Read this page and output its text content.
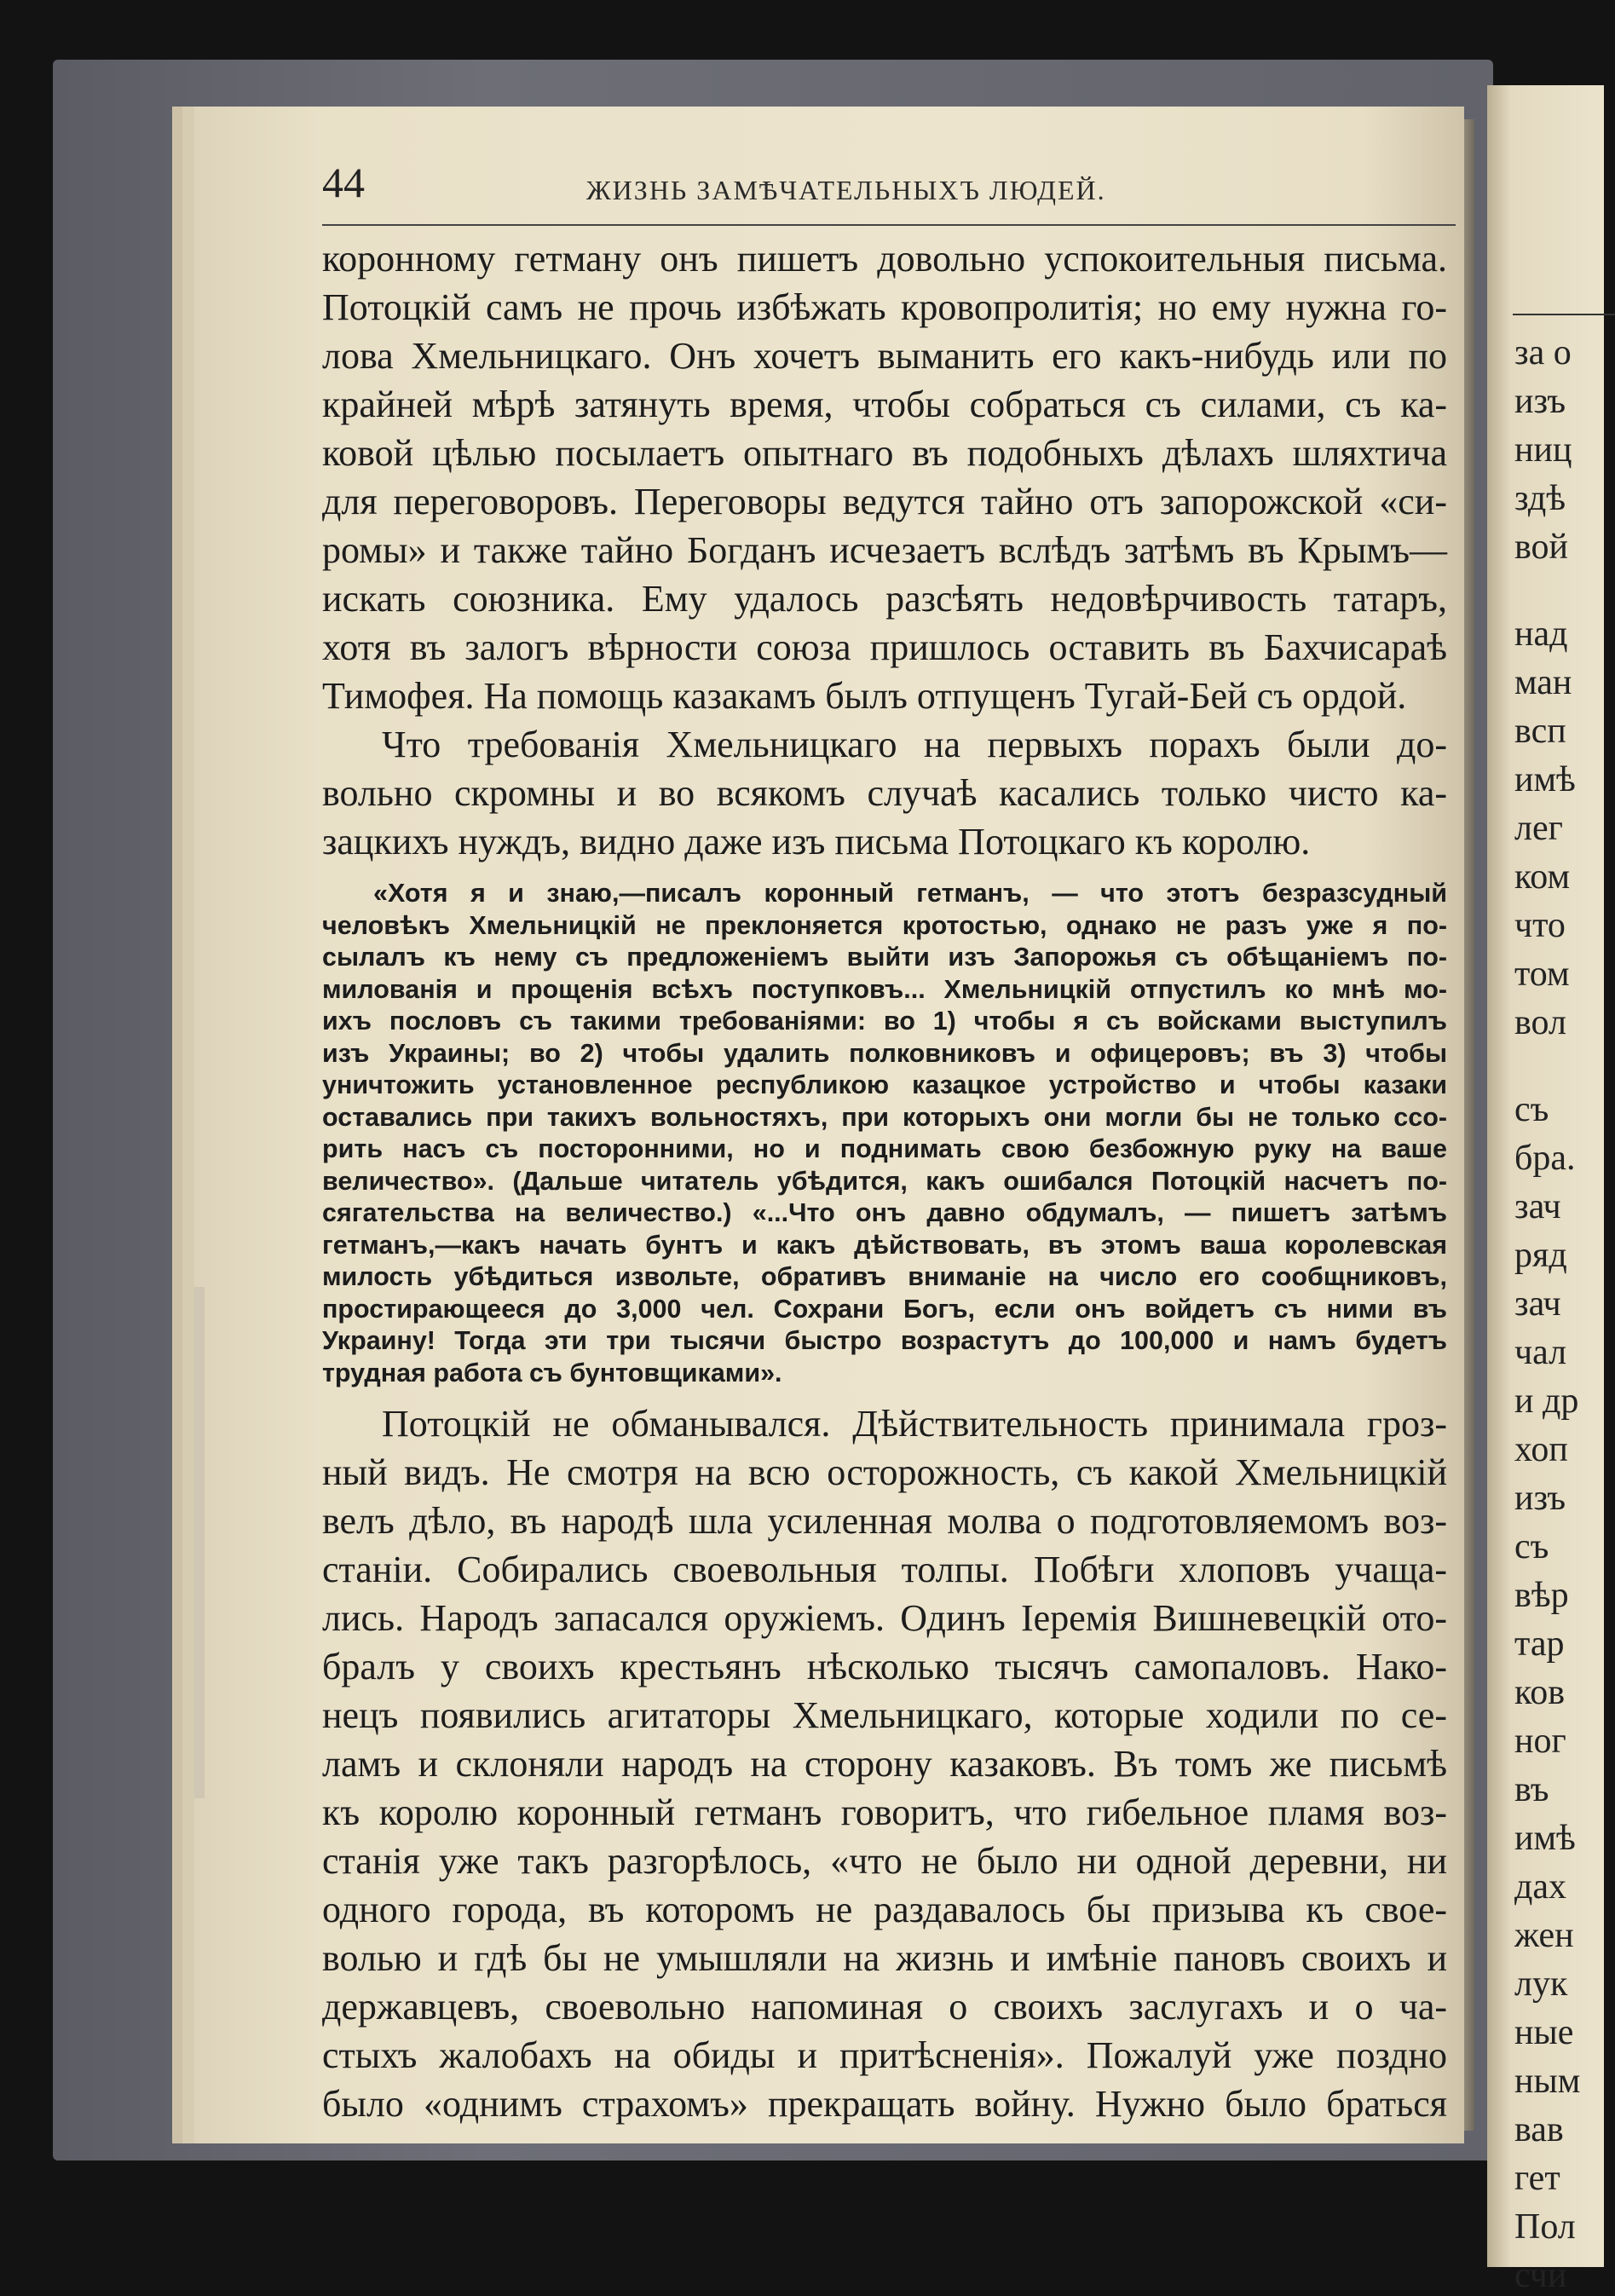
за о
изъ
ниц
здѣ
вой
над
ман
всп
имѣ
лег
ком
что
том
вол
съ
бра.
зач
ряд
зач
чал
и др
хоп
изъ
съ
вѣр
тар
ков
ног
въ
имѣ
дах
жен
лук
ные
ным
вав
гет
Пол
счи
44	ЖИЗНЬ ЗАМѢЧАТЕЛЬНЫХЪ ЛЮДЕЙ.
коронному гетману онъ пишетъ довольно успокоительныя письма.
Потоцкій самъ не прочь избѣжать кровопролитія; но ему нужна го-
лова Хмельницкаго. Онъ хочетъ выманить его какъ-нибудь или по
крайней мѣрѣ затянуть время, чтобы собраться съ силами, съ ка-
ковой цѣлью посылаетъ опытнаго въ подобныхъ дѣлахъ шляхтича
для переговоровъ. Переговоры ведутся тайно отъ запорожской «си-
ромы» и также тайно Богданъ исчезаетъ вслѣдъ затѣмъ въ Крымъ—
искать союзника. Ему удалось разсѣять недовѣрчивость татаръ,
хотя въ залогъ вѣрности союза пришлось оставить въ Бахчисараѣ
Тимофея. На помощь казакамъ былъ отпущенъ Тугай-Бей съ ордой.
Что требованія Хмельницкаго на первыхъ порахъ были до-
вольно скромны и во всякомъ случаѣ касались только чисто ка-
зацкихъ нуждъ, видно даже изъ письма Потоцкаго къ королю.
«Хотя я и знаю,—писалъ коронный гетманъ, — что этотъ безразсудный
человѣкъ Хмельницкій не преклоняется кротостью, однако не разъ уже я по-
сылалъ къ нему съ предложеніемъ выйти изъ Запорожья съ обѣщаніемъ по-
милованія и прощенія всѣхъ поступковъ... Хмельницкій отпустилъ ко мнѣ мо-
ихъ пословъ съ такими требованіями: во 1) чтобы я съ войсками выступилъ
изъ Украины; во 2) чтобы удалить полковниковъ и офицеровъ; въ 3) чтобы
уничтожить установленное республикою казацкое устройство и чтобы казаки
оставались при такихъ вольностяхъ, при которыхъ они могли бы не только ссо-
рить насъ съ посторонними, но и поднимать свою безбожную руку на ваше
величество». (Дальше читатель убѣдится, какъ ошибался Потоцкій насчетъ по-
сягательства на величество.) «...Что онъ давно обдумалъ, — пишетъ затѣмъ
гетманъ,—какъ начать бунтъ и какъ дѣйствовать, въ этомъ ваша королевская
милость убѣдиться извольте, обративъ вниманіе на число его сообщниковъ,
простирающееся до 3,000 чел. Сохрани Богъ, если онъ войдетъ съ ними въ
Украину! Тогда эти три тысячи быстро возрастутъ до 100,000 и намъ будетъ
трудная работа съ бунтовщиками».
Потоцкій не обманывался. Дѣйствительность принимала гроз-
ный видъ. Не смотря на всю осторожность, съ какой Хмельницкій
велъ дѣло, въ народѣ шла усиленная молва о подготовляемомъ воз-
станіи. Собирались своевольныя толпы. Побѣги хлоповъ учаща-
лись. Народъ запасался оружіемъ. Одинъ Іеремія Вишневецкій ото-
бралъ у своихъ крестьянъ нѣсколько тысячъ самопаловъ. Нако-
нецъ появились агитаторы Хмельницкаго, которые ходили по се-
ламъ и склоняли народъ на сторону казаковъ. Въ томъ же письмѣ
къ королю коронный гетманъ говоритъ, что гибельное пламя воз-
станія уже такъ разгорѣлось, «что не было ни одной деревни, ни
одного города, въ которомъ не раздавалось бы призыва къ свое-
волью и гдѣ бы не умышляли на жизнь и имѣніе пановъ своихъ и
державцевъ, своевольно напоминая о своихъ заслугахъ и о ча-
стыхъ жалобахъ на обиды и притѣсненія». Пожалуй уже поздно
было «однимъ страхомъ» прекращать войну. Нужно было браться
